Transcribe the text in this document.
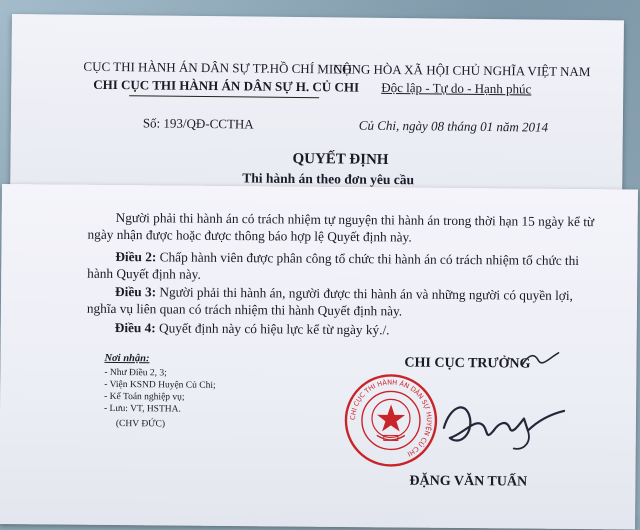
CỤC THI HÀNH ÁN DÂN SỰ TP.HỒ CHÍ MINH
CHI CỤC THI HÀNH ÁN DÂN SỰ H. CỦ CHI
CỘNG HÒA XÃ HỘI CHỦ NGHĨA VIỆT NAM
Độc lập - Tự do - Hạnh phúc
Số: 193/QĐ-CCTHA	Củ Chi, ngày 08 tháng 01 năm 2014
QUYẾT ĐỊNH
Thi hành án theo đơn yêu cầu
Người phải thi hành án có trách nhiệm tự nguyện thi hành án trong thời hạn 15 ngày kể từ
ngày nhận được hoặc được thông báo hợp lệ Quyết định này.
Điều 2: Chấp hành viên được phân công tổ chức thi hành án có trách nhiệm tổ chức thi
hành Quyết định này.
Điều 3: Người phải thi hành án, người được thi hành án và những người có quyền lợi,
nghĩa vụ liên quan có trách nhiệm thi hành Quyết định này.
Điều 4: Quyết định này có hiệu lực kể từ ngày ký./.
Nơi nhận:
- Như Điều 2, 3;
- Viện KSND Huyện Củ Chi;
- Kế Toán nghiệp vụ;
- Lưu: VT, HSTHA.
(CHV ĐỨC)
CHI CỤC TRƯỞNG
ĐẶNG VĂN TUẤN
CHI CỤC THI HÀNH ÁN DÂN SỰ HUYỆN CỦ CHI
